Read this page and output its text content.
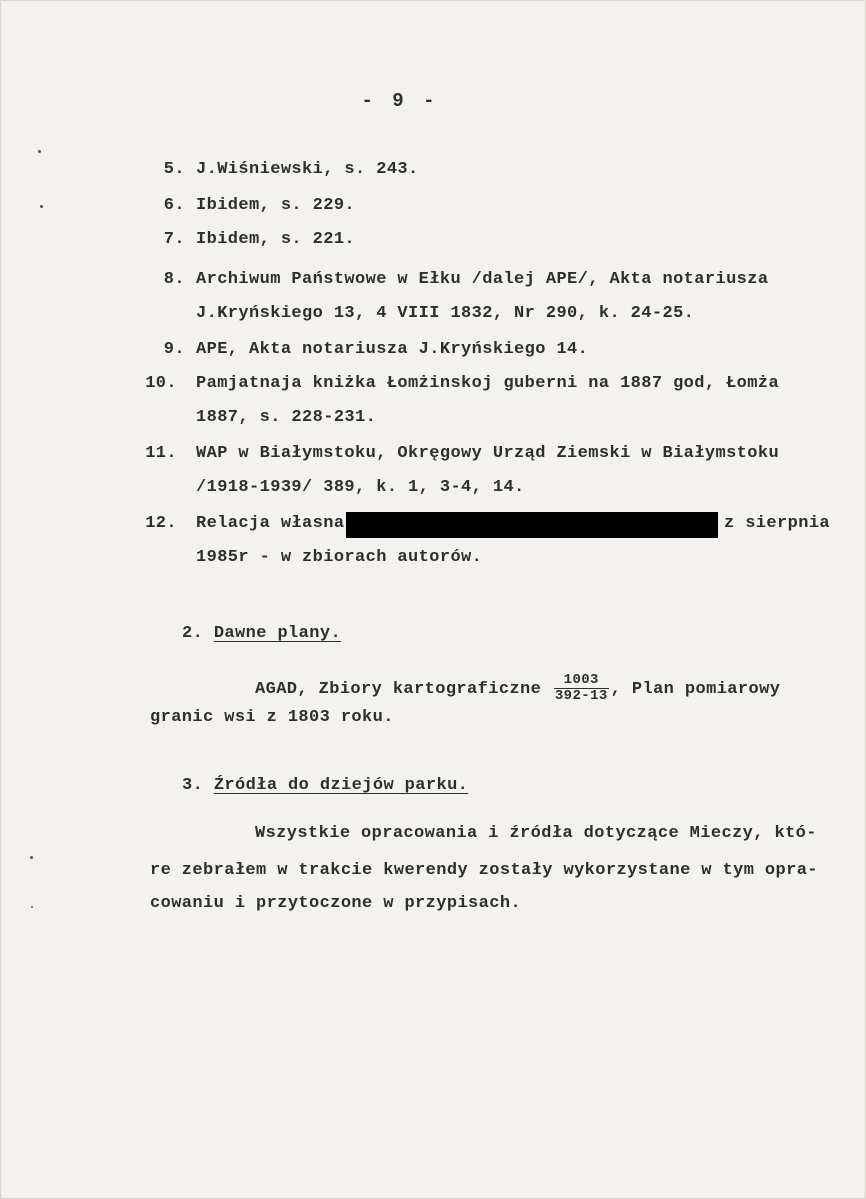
- 9 -
5. J.Wiśniewski, s. 243.
6. Ibidem, s. 229.
7. Ibidem, s. 221.
8. Archiwum Państwowe w Ełku /dalej APE/, Akta notariusza
J.Kryńskiego 13, 4 VIII 1832, Nr 290, k. 24-25.
9. APE, Akta notariusza J.Kryńskiego 14.
10. Pamjatnaja kniżka Łomżinskoj guberni na 1887 god, Łomża
1887, s. 228-231.
11. WAP w Białymstoku, Okręgowy Urząd Ziemski w Białymstoku
/1918-1939/ 389, k. 1, 3-4, 14.
12. Relacja własna	z sierpnia
1985r - w zbiorach autorów.
2. Dawne plany.
AGAD, Zbiory kartograficzne $\frac{1003}{392-13}$ , Plan pomiarowy
granic wsi z 1803 roku.
3. Źródła do dziejów parku.
Wszystkie opracowania i źródła dotyczące Mieczy, któ-
re zebrałem w trakcie kwerendy zostały wykorzystane w tym opra-
cowaniu i przytoczone w przypisach.
